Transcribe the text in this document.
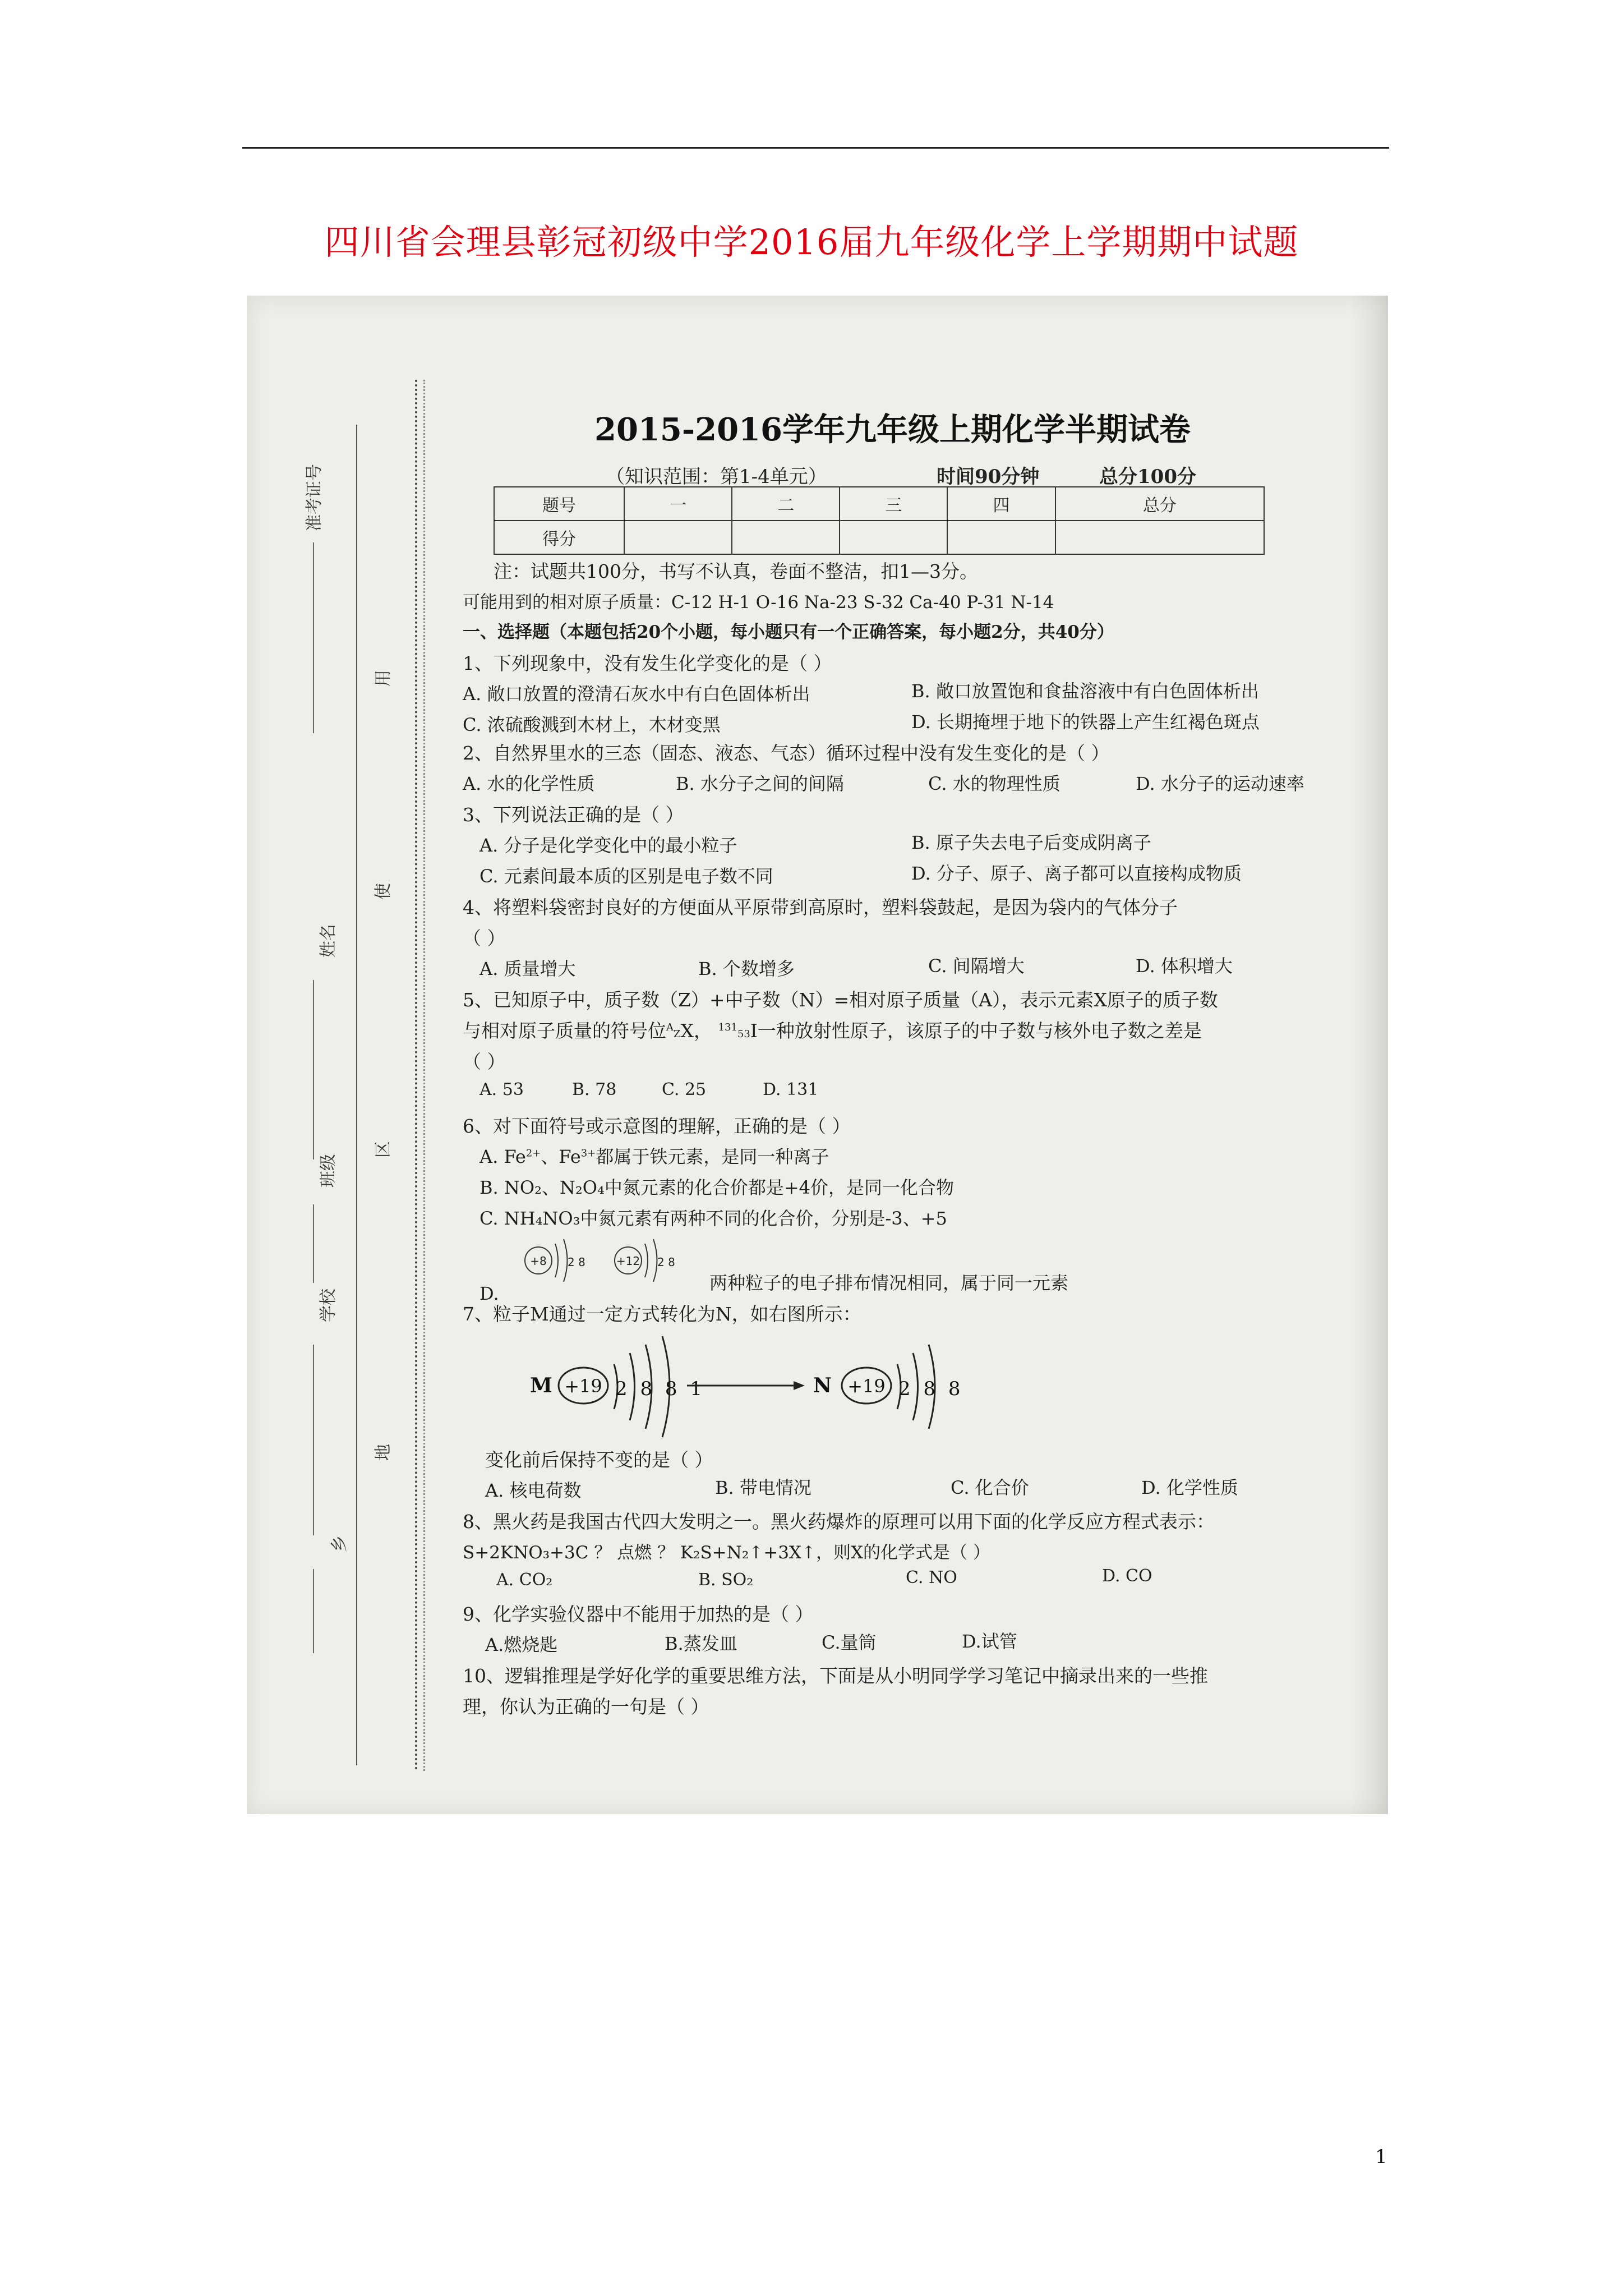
四川省会理县彰冠初级中学2016届九年级化学上学期期中试题
准考证号
姓名
班级
学校
乡
用
使
区
地
2015-2016学年九年级上期化学半期试卷
（知识范围：第1-4单元）	时间90分钟	总分100分
题号	一	二	三	四	总分
得分					
注：试题共100分，书写不认真，卷面不整洁，扣1—3分。
可能用到的相对原子质量：C-12 H-1 O-16 Na-23 S-32 Ca-40 P-31 N-14
一、选择题（本题包括20个小题，每小题只有一个正确答案，每小题2分，共40分）
1、下列现象中，没有发生化学变化的是（ ）
A. 敞口放置的澄清石灰水中有白色固体析出	B. 敞口放置饱和食盐溶液中有白色固体析出
C. 浓硫酸溅到木材上，木材变黑	D. 长期掩埋于地下的铁器上产生红褐色斑点
2、自然界里水的三态（固态、液态、气态）循环过程中没有发生变化的是（ ）
A. 水的化学性质	B. 水分子之间的间隔	C. 水的物理性质	D. 水分子的运动速率
3、下列说法正确的是（ ）
A. 分子是化学变化中的最小粒子	B. 原子失去电子后变成阴离子
C. 元素间最本质的区别是电子数不同	D. 分子、原子、离子都可以直接构成物质
4、将塑料袋密封良好的方便面从平原带到高原时，塑料袋鼓起，是因为袋内的气体分子
（ ）
A. 质量增大	B. 个数增多	C. 间隔增大	D. 体积增大
5、已知原子中，质子数（Z）+中子数（N）=相对原子质量（A），表示元素X原子的质子数
与相对原子质量的符号位$^A$ZX， $^{131}$53I一种放射性原子，该原子的中子数与核外电子数之差是
（ ）
A. 53	B. 78	C. 25	D. 131
6、对下面符号或示意图的理解，正确的是（ ）
A. $Fe^{2+}$、$Fe^{3+}$都属于铁元素，是同一种离子
B. NO₂、N₂O₄中氮元素的化合价都是+4价，是同一化合物
C. NH₄NO₃中氮元素有两种不同的化合价，分别是-3、+5
+8 2 8	+12 2 8
D.	两种粒子的电子排布情况相同，属于同一元素
7、粒子M通过一定方式转化为N，如右图所示：
M +19 2 8 8 1	N +19 2 8 8
变化前后保持不变的是（ ）
A. 核电荷数	B. 带电情况	C. 化合价	D. 化学性质
8、黑火药是我国古代四大发明之一。黑火药爆炸的原理可以用下面的化学反应方程式表示：
S+2KNO₃+3C ？ 点燃 ？ K₂S+N₂↑+3X↑，则X的化学式是（ ）
A. CO₂	B. SO₂	C. NO	D. CO
9、化学实验仪器中不能用于加热的是（ ）
A.燃烧匙	B.蒸发皿	C.量筒	D.试管
10、逻辑推理是学好化学的重要思维方法，下面是从小明同学学习笔记中摘录出来的一些推
理，你认为正确的一句是（ ）
1
